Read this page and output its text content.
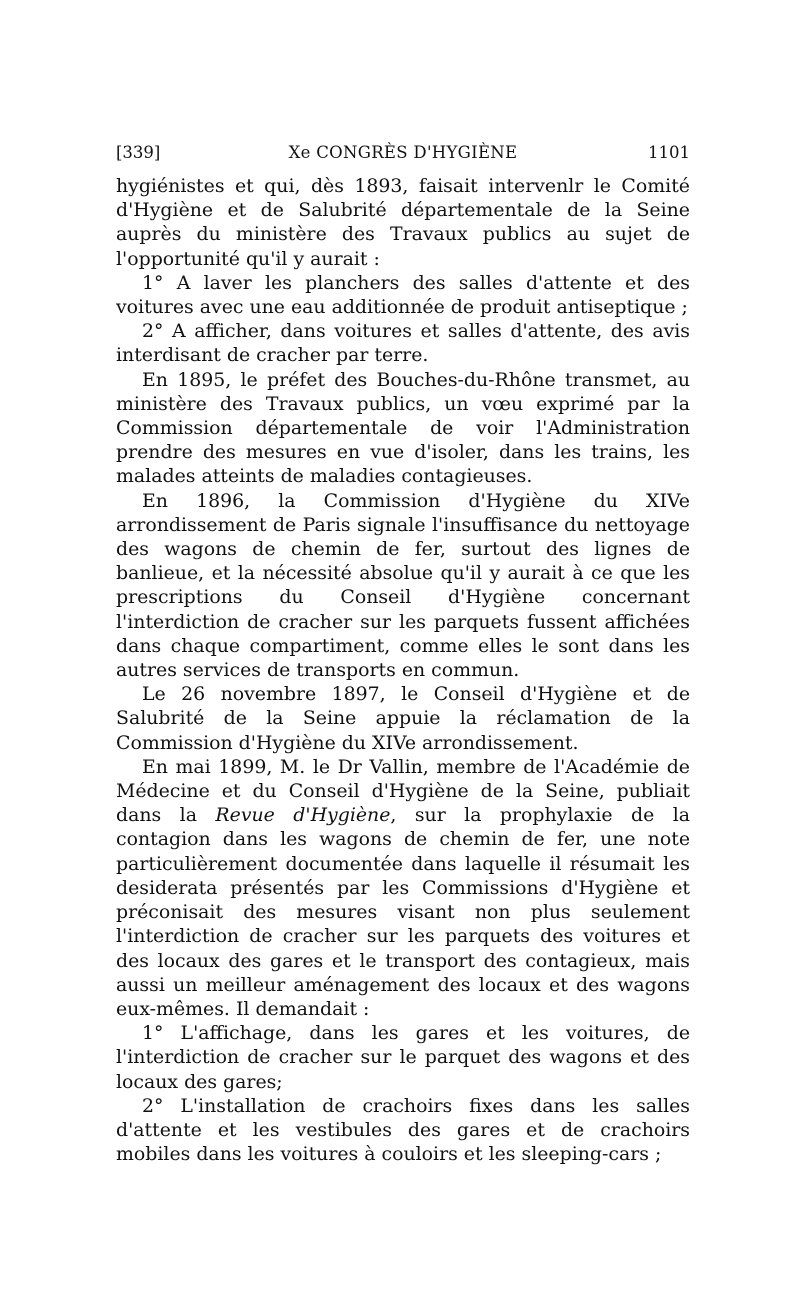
[339]	Xe CONGRÈS D'HYGIÈNE	1101

hygiénistes et qui, dès 1893, faisait intervenlr le Comité d'Hygiène et de Salubrité départementale de la Seine auprès du ministère des Travaux publics au sujet de l'opportunité qu'il y aurait :

1° A laver les planchers des salles d'attente et des voitures avec une eau additionnée de produit antiseptique ;

2° A afficher, dans voitures et salles d'attente, des avis interdisant de cracher par terre.

En 1895, le préfet des Bouches-du-Rhône transmet, au ministère des Travaux publics, un vœu exprimé par la Commission départementale de voir l'Administration prendre des mesures en vue d'isoler, dans les trains, les malades atteints de maladies contagieuses.

En 1896, la Commission d'Hygiène du XIVe arrondissement de Paris signale l'insuffisance du nettoyage des wagons de chemin de fer, surtout des lignes de banlieue, et la nécessité absolue qu'il y aurait à ce que les prescriptions du Conseil d'Hygiène concernant l'interdiction de cracher sur les parquets fussent affichées dans chaque compartiment, comme elles le sont dans les autres services de transports en commun.

Le 26 novembre 1897, le Conseil d'Hygiène et de Salubrité de la Seine appuie la réclamation de la Commission d'Hygiène du XIVe arrondissement.

En mai 1899, M. le Dr Vallin, membre de l'Académie de Médecine et du Conseil d'Hygiène de la Seine, publiait dans la Revue d'Hygiène, sur la prophylaxie de la contagion dans les wagons de chemin de fer, une note particulièrement documentée dans laquelle il résumait les desiderata présentés par les Commissions d'Hygiène et préconisait des mesures visant non plus seulement l'interdiction de cracher sur les parquets des voitures et des locaux des gares et le transport des contagieux, mais aussi un meilleur aménagement des locaux et des wagons eux-mêmes. Il demandait :

1° L'affichage, dans les gares et les voitures, de l'interdiction de cracher sur le parquet des wagons et des locaux des gares;

2° L'installation de crachoirs fixes dans les salles d'attente et les vestibules des gares et de crachoirs mobiles dans les voitures à couloirs et les sleeping-cars ;
